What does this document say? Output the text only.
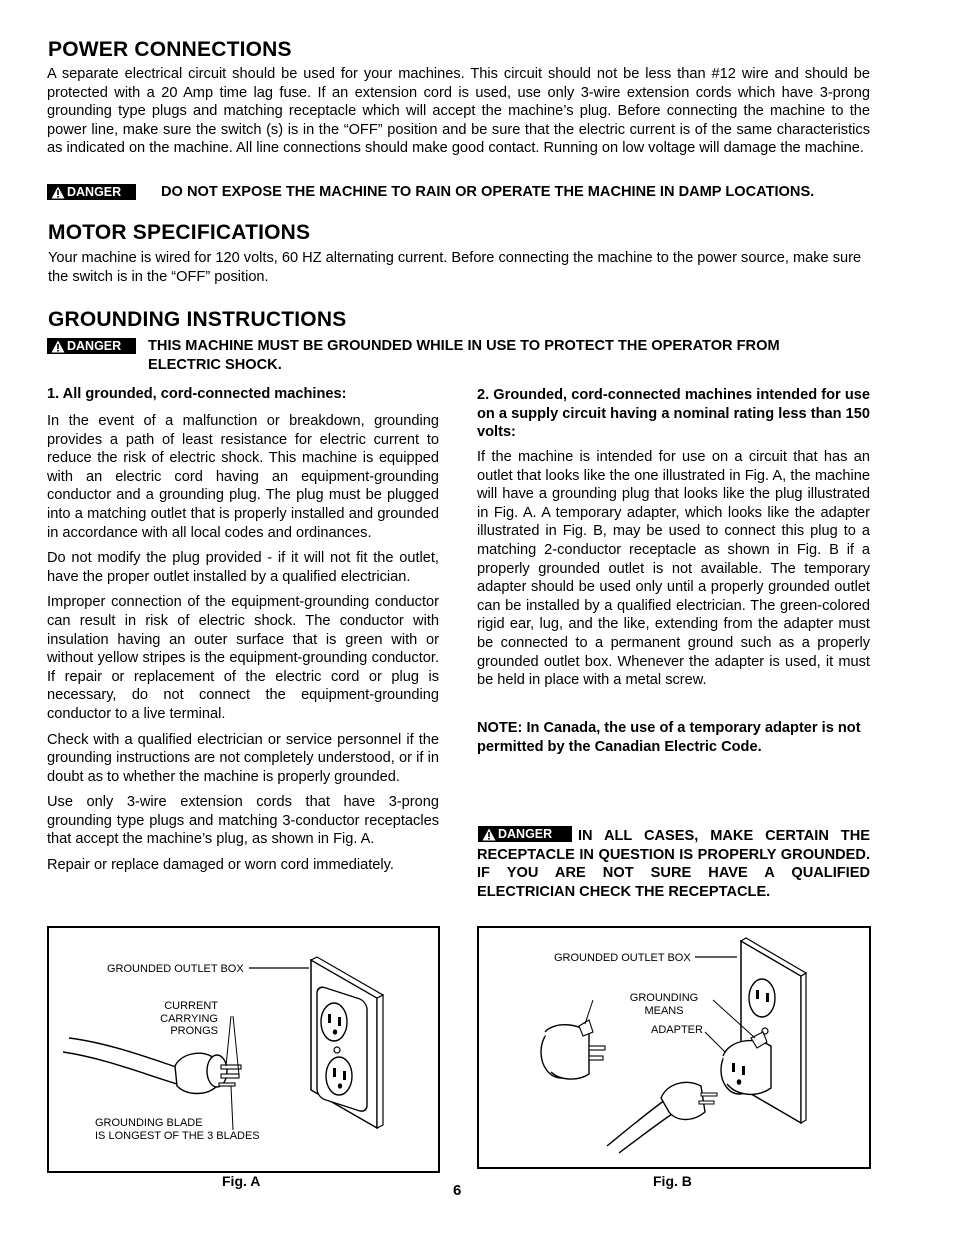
POWER CONNECTIONS

A separate electrical circuit should be used for your machines. This circuit should not be less than #12 wire and should be protected with a 20 Amp time lag fuse. If an extension cord is used, use only 3-wire extension cords which have 3-prong grounding type plugs and matching receptacle which will accept the machine’s plug. Before connecting the machine to the power line, make sure the switch (s) is in the “OFF” position and be sure that the electric current is of the same characteristics as indicated on the machine. All line connections should make good contact. Running on low voltage will damage the machine.

DANGER	DO NOT EXPOSE THE MACHINE TO RAIN OR OPERATE THE MACHINE IN DAMP LOCATIONS.
MOTOR SPECIFICATIONS

Your machine is wired for 120 volts, 60 HZ alternating current. Before connecting the machine to the power source, make sure the switch is in the “OFF” position.

GROUNDING INSTRUCTIONS
DANGER THIS MACHINE MUST BE GROUNDED WHILE IN USE TO PROTECT THE OPERATOR FROM ELECTRIC SHOCK.
1. All grounded, cord-connected machines:

In the event of a malfunction or breakdown, grounding provides a path of least resistance for electric current to reduce the risk of electric shock. This machine is equipped with an electric cord having an equipment-grounding conductor and a grounding plug. The plug must be plugged into a matching outlet that is properly installed and grounded in accordance with all local codes and ordinances.

Do not modify the plug provided - if it will not fit the outlet, have the proper outlet installed by a qualified electrician.

Improper connection of the equipment-grounding conductor can result in risk of electric shock. The conductor with insulation having an outer surface that is green with or without yellow stripes is the equipment-grounding conductor. If repair or replacement of the electric cord or plug is necessary, do not connect the equipment-grounding conductor to a live terminal.

Check with a qualified electrician or service personnel if the grounding instructions are not completely understood, or if in doubt as to whether the machine is properly grounded.

Use only 3-wire extension cords that have 3-prong grounding type plugs and matching 3-conductor receptacles that accept the machine’s plug, as shown in Fig. A.

Repair or replace damaged or worn cord immediately.

2. Grounded, cord-connected machines intended for use on a supply circuit having a nominal rating less than 150 volts:

If the machine is intended for use on a circuit that has an outlet that looks like the one illustrated in Fig. A, the machine will have a grounding plug that looks like the plug illustrated in Fig. A. A temporary adapter, which looks like the adapter illustrated in Fig. B, may be used to connect this plug to a matching 2-conductor receptacle as shown in Fig. B if a properly grounded outlet is not available. The temporary adapter should be used only until a properly grounded outlet can be installed by a qualified electrician. The green-colored rigid ear, lug, and the like, extending from the adapter must be connected to a permanent ground such as a properly grounded outlet box. Whenever the adapter is used, it must be held in place with a metal screw.

NOTE: In Canada, the use of a temporary adapter is not permitted by the Canadian Electric Code.
DANGER	IN ALL CASES, MAKE CERTAIN THE RECEPTACLE IN QUESTION IS PROPERLY GROUNDED. IF YOU ARE NOT SURE HAVE A QUALIFIED ELECTRICIAN CHECK THE RECEPTACLE.
GROUNDED OUTLET BOX
CURRENT
CARRYING
PRONGS
GROUNDING BLADE
IS LONGEST OF THE 3 BLADES
Fig. A
GROUNDED OUTLET BOX
GROUNDING
MEANS
ADAPTER
Fig. B
6
